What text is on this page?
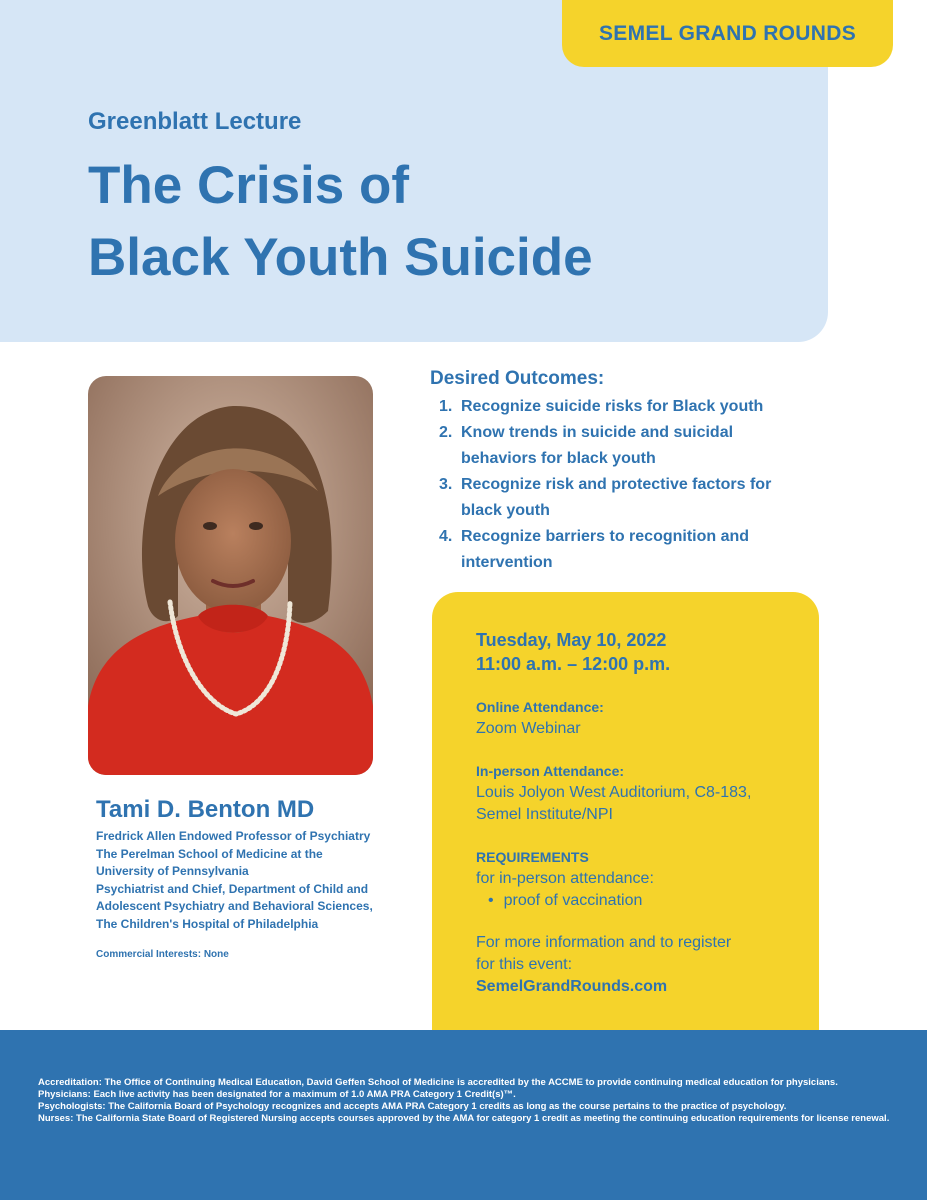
SEMEL GRAND ROUNDS
Greenblatt Lecture
The Crisis of
Black Youth Suicide
Tami D. Benton MD
Fredrick Allen Endowed Professor of Psychiatry
The Perelman School of Medicine at the
University of Pennsylvania
Psychiatrist and Chief, Department of Child and
Adolescent Psychiatry and Behavioral Sciences,
The Children's Hospital of Philadelphia
Commercial Interests: None
Desired Outcomes:
1. Recognize suicide risks for Black youth
2. Know trends in suicide and suicidal
behaviors for black youth
3. Recognize risk and protective factors for
black youth
4. Recognize barriers to recognition and
intervention
Tuesday, May 10, 2022
11:00 a.m. – 12:00 p.m.
Online Attendance:
Zoom Webinar
In-person Attendance:
Louis Jolyon West Auditorium, C8-183,
Semel Institute/NPI
REQUIREMENTS
for in-person attendance:
• proof of vaccination
For more information and to register
for this event:
SemelGrandRounds.com
Accreditation: The Office of Continuing Medical Education, David Geffen School of Medicine is accredited by the ACCME to provide continuing medical education for physicians.
Physicians: Each live activity has been designated for a maximum of 1.0 AMA PRA Category 1 Credit(s)™.
Psychologists: The California Board of Psychology recognizes and accepts AMA PRA Category 1 credits as long as the course pertains to the practice of psychology.
Nurses: The California State Board of Registered Nursing accepts courses approved by the AMA for category 1 credit as meeting the continuing education requirements for license renewal.
